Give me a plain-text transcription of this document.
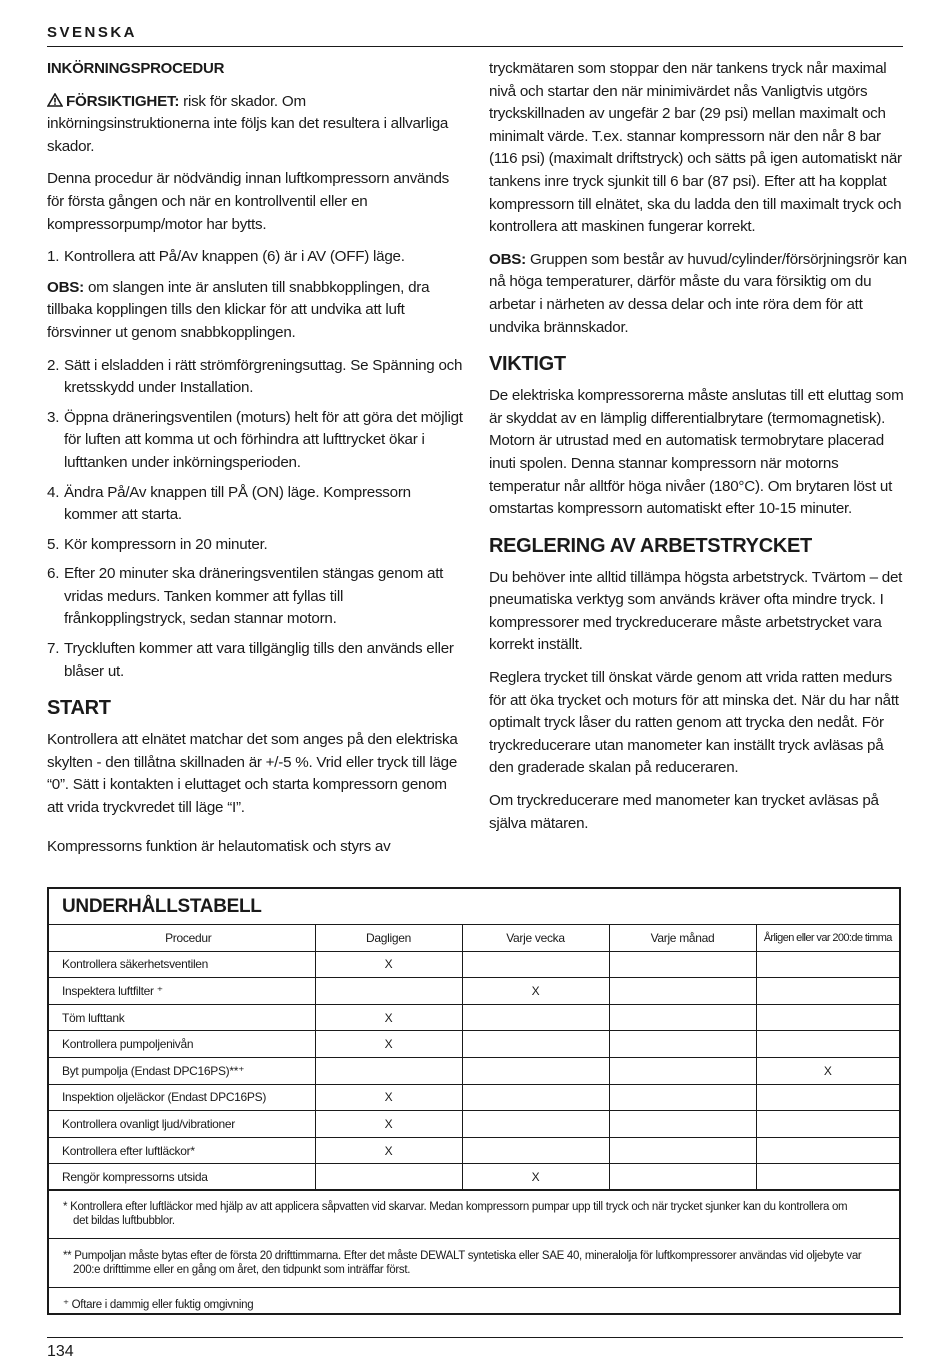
SVENSKA
INKÖRNINGSPROCEDUR

FÖRSIKTIGHET: risk för skador. Om inkörningsinstruktionerna inte följs kan det resultera i allvarliga skador.

Denna procedur är nödvändig innan luftkompressorn används för första gången och när en kontrollventil eller en kompressorpump/motor har bytts.

1. Kontrollera att På/Av knappen (6) är i AV (OFF) läge.

OBS: om slangen inte är ansluten till snabbkopplingen, dra tillbaka kopplingen tills den klickar för att undvika att luft försvinner ut genom snabbkopplingen.

2. Sätt i elsladden i rätt strömförgreningsuttag. Se Spänning och kretsskydd under Installation.
3. Öppna dräneringsventilen (moturs) helt för att göra det möjligt för luften att komma ut och förhindra att lufttrycket ökar i lufttanken under inkörningsperioden.
4. Ändra På/Av knappen till PÅ (ON) läge. Kompressorn kommer att starta.
5. Kör kompressorn in 20 minuter.
6. Efter 20 minuter ska dräneringsventilen stängas genom att vridas medurs. Tanken kommer att fyllas till frånkopplingstryck, sedan stannar motorn.
7. Tryckluften kommer att vara tillgänglig tills den används eller blåser ut.
START

Kontrollera att elnätet matchar det som anges på den elektriska skylten - den tillåtna skillnaden är +/-5 %. Vrid eller tryck till läge “0”. Sätt i kontakten i eluttaget och starta kompressorn genom att vrida tryckvredet till läge “I”.

Kompressorns funktion är helautomatisk och styrs av

tryckmätaren som stoppar den när tankens tryck når maximal nivå och startar den när minimivärdet nås Vanligtvis utgörs tryckskillnaden av ungefär 2 bar (29 psi) mellan maximalt och minimalt värde. T.ex. stannar kompressorn när den når 8 bar (116 psi) (maximalt driftstryck) och sätts på igen automatiskt när tankens inre tryck sjunkit till 6 bar (87 psi). Efter att ha kopplat kompressorn till elnätet, ska du ladda den till maximalt tryck och kontrollera att maskinen fungerar korrekt.

OBS: Gruppen som består av huvud/cylinder/försörjningsrör kan nå höga temperaturer, därför måste du vara försiktig om du arbetar i närheten av dessa delar och inte röra dem för att undvika brännskador.

VIKTIGT

De elektriska kompressorerna måste anslutas till ett eluttag som är skyddat av en lämplig differentialbrytare (termomagnetisk). Motorn är utrustad med en automatisk termobrytare placerad inuti spolen. Denna stannar kompressorn när motorns temperatur når alltför höga nivåer (180°C). Om brytaren löst ut omstartas kompressorn automatiskt efter 10-15 minuter.

REGLERING AV ARBETSTRYCKET

Du behöver inte alltid tillämpa högsta arbetstryck. Tvärtom – det pneumatiska verktyg som används kräver ofta mindre tryck. I kompressorer med tryckreducerare måste arbetstrycket vara korrekt inställt.

Reglera trycket till önskat värde genom att vrida ratten medurs för att öka trycket och moturs för att minska det. När du har nått optimalt tryck låser du ratten genom att trycka den nedåt. För tryckreducerare utan manometer kan inställt tryck avläsas på den graderade skalan på reduceraren.

Om tryckreducerare med manometer kan trycket avläsas på själva mätaren.

UNDERHÅLLSTABELL
Procedur	Dagligen	Varje vecka	Varje månad	Årligen eller var 200:de timma
Kontrollera säkerhetsventilen	X			
Inspektera luftfilter ⁺		X		
Töm lufttank	X			
Kontrollera pumpoljenivån	X			
Byt pumpolja (Endast DPC16PS)**⁺				X
Inspektion oljeläckor (Endast DPC16PS)	X			
Kontrollera ovanligt ljud/vibrationer	X			
Kontrollera efter luftläckor*	X			
Rengör kompressorns utsida		X		
* Kontrollera efter luftläckor med hjälp av att applicera såpvatten vid skarvar. Medan kompressorn pumpar upp till tryck och när trycket sjunker kan du kontrollera om
det bildas luftbubblor.
** Pumpoljan måste bytas efter de första 20 drifttimmarna. Efter det måste DEWALT syntetiska eller SAE 40, mineralolja för luftkompressorer användas vid oljebyte var
200:e drifttimme eller en gång om året, den tidpunkt som inträffar först.
⁺ Oftare i dammig eller fuktig omgivning
134
